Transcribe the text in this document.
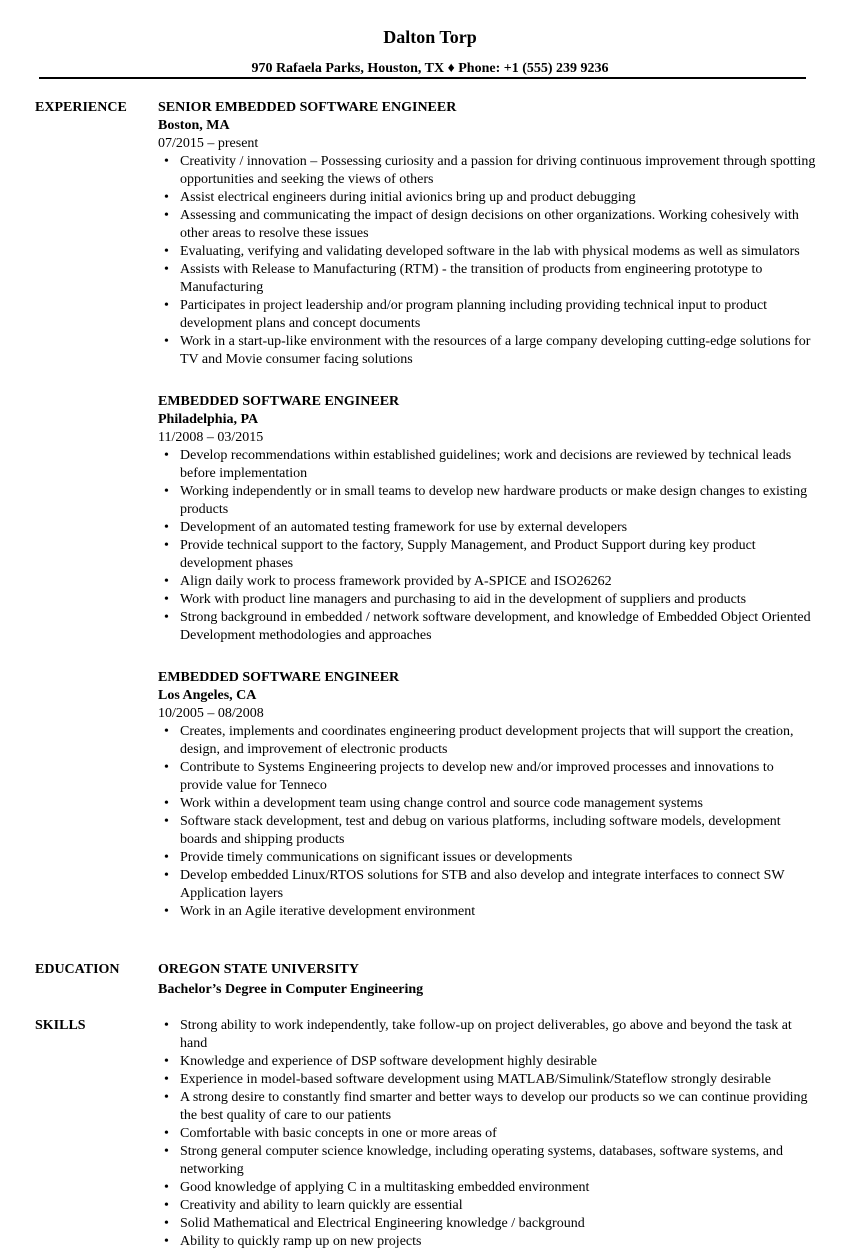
Dalton Torp
970 Rafaela Parks, Houston, TX ♦ Phone: +1 (555) 239 9236
EXPERIENCE SENIOR EMBEDDED SOFTWARE ENGINEER
Boston, MA
07/2015 – present
• Creativity / innovation – Possessing curiosity and a passion for driving continuous improvement through spotting opportunities and seeking the views of others
• Assist electrical engineers during initial avionics bring up and product debugging
• Assessing and communicating the impact of design decisions on other organizations. Working cohesively with other areas to resolve these issues
• Evaluating, verifying and validating developed software in the lab with physical modems as well as simulators
• Assists with Release to Manufacturing (RTM) - the transition of products from engineering prototype to Manufacturing
• Participates in project leadership and/or program planning including providing technical input to product development plans and concept documents
• Work in a start-up-like environment with the resources of a large company developing cutting-edge solutions for TV and Movie consumer facing solutions
EMBEDDED SOFTWARE ENGINEER
Philadelphia, PA
11/2008 – 03/2015
• Develop recommendations within established guidelines; work and decisions are reviewed by technical leads before implementation
• Working independently or in small teams to develop new hardware products or make design changes to existing products
• Development of an automated testing framework for use by external developers
• Provide technical support to the factory, Supply Management, and Product Support during key product development phases
• Align daily work to process framework provided by A-SPICE and ISO26262
• Work with product line managers and purchasing to aid in the development of suppliers and products
• Strong background in embedded / network software development, and knowledge of Embedded Object Oriented Development methodologies and approaches
EMBEDDED SOFTWARE ENGINEER
Los Angeles, CA
10/2005 – 08/2008
• Creates, implements and coordinates engineering product development projects that will support the creation, design, and improvement of electronic products
• Contribute to Systems Engineering projects to develop new and/or improved processes and innovations to provide value for Tenneco
• Work within a development team using change control and source code management systems
• Software stack development, test and debug on various platforms, including software models, development boards and shipping products
• Provide timely communications on significant issues or developments
• Develop embedded Linux/RTOS solutions for STB and also develop and integrate interfaces to connect SW Application layers
• Work in an Agile iterative development environment
EDUCATION	OREGON STATE UNIVERSITY
Bachelor’s Degree in Computer Engineering
SKILLS
•	Strong ability to work independently, take follow-up on project deliverables, go above and beyond the task at hand
• Knowledge and experience of DSP software development highly desirable
• Experience in model-based software development using MATLAB/Simulink/Stateflow strongly desirable
• A strong desire to constantly find smarter and better ways to develop our products so we can continue providing the best quality of care to our patients
• Comfortable with basic concepts in one or more areas of
• Strong general computer science knowledge, including operating systems, databases, software systems, and networking
• Good knowledge of applying C in a multitasking embedded environment
• Creativity and ability to learn quickly are essential
• Solid Mathematical and Electrical Engineering knowledge / background
• Ability to quickly ramp up on new projects
